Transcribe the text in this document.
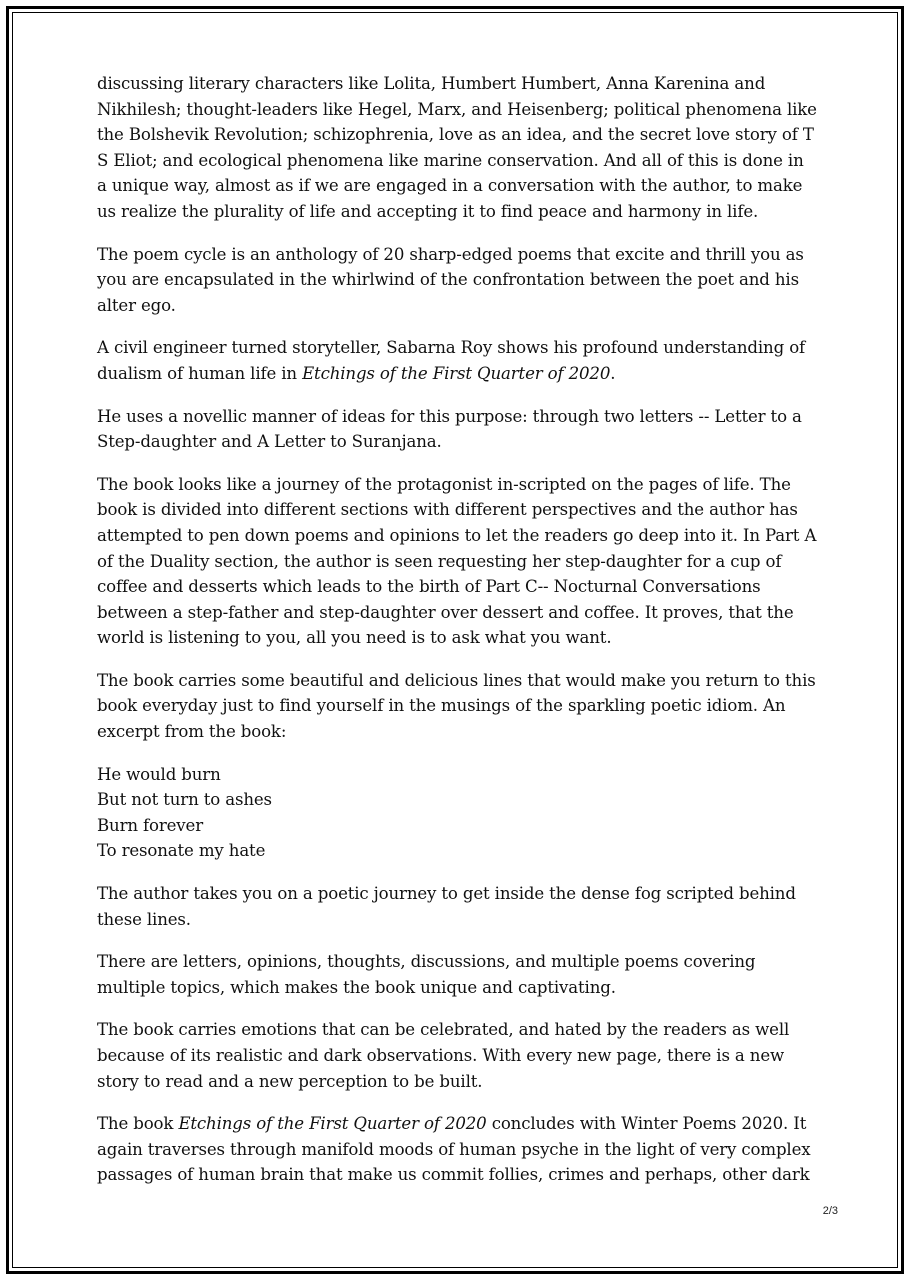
discussing literary characters like Lolita, Humbert Humbert, Anna Karenina and Nikhilesh; thought-leaders like Hegel, Marx, and Heisenberg; political phenomena like the Bolshevik Revolution; schizophrenia, love as an idea, and the secret love story of T S Eliot; and ecological phenomena like marine conservation. And all of this is done in a unique way, almost as if we are engaged in a conversation with the author, to make us realize the plurality of life and accepting it to find peace and harmony in life.

The poem cycle is an anthology of 20 sharp-edged poems that excite and thrill you as you are encapsulated in the whirlwind of the confrontation between the poet and his alter ego.

A civil engineer turned storyteller, Sabarna Roy shows his profound understanding of dualism of human life in Etchings of the First Quarter of 2020.

He uses a novellic manner of ideas for this purpose: through two letters -- Letter to a Step-daughter and A Letter to Suranjana.

The book looks like a journey of the protagonist in-scripted on the pages of life. The book is divided into different sections with different perspectives and the author has attempted to pen down poems and opinions to let the readers go deep into it. In Part A of the Duality section, the author is seen requesting her step-daughter for a cup of coffee and desserts which leads to the birth of Part C-- Nocturnal Conversations between a step-father and step-daughter over dessert and coffee. It proves, that the world is listening to you, all you need is to ask what you want.

The book carries some beautiful and delicious lines that would make you return to this book everyday just to find yourself in the musings of the sparkling poetic idiom. An excerpt from the book:

He would burn
But not turn to ashes
Burn forever
To resonate my hate

The author takes you on a poetic journey to get inside the dense fog scripted behind these lines.

There are letters, opinions, thoughts, discussions, and multiple poems covering multiple topics, which makes the book unique and captivating.

The book carries emotions that can be celebrated, and hated by the readers as well because of its realistic and dark observations. With every new page, there is a new story to read and a new perception to be built.

The book Etchings of the First Quarter of 2020 concludes with Winter Poems 2020. It again traverses through manifold moods of human psyche in the light of very complex passages of human brain that make us commit follies, crimes and perhaps, other dark

2/3
